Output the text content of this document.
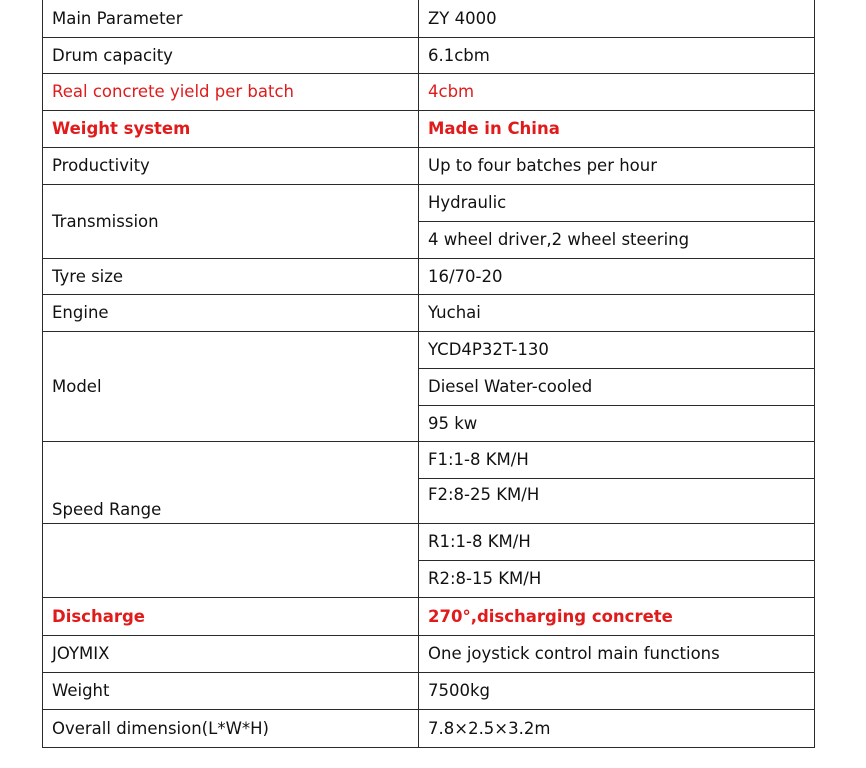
Main Parameter	ZY 4000
Drum capacity	6.1cbm
Real concrete yield per batch	4cbm
Weight system	Made in China
Productivity	Up to four batches per hour
Transmission	Hydraulic
	4 wheel driver,2 wheel steering
Tyre size	16/70-20
Engine	Yuchai
Model	YCD4P32T-130
	Diesel Water-cooled
	95 kw
Speed Range	F1:1-8 KM/H
	F2:8-25 KM/H
	R1:1-8 KM/H
	R2:8-15 KM/H
Discharge	270°,discharging concrete
JOYMIX	One joystick control main functions
Weight	7500kg
Overall dimension(L*W*H)	7.8×2.5×3.2m
